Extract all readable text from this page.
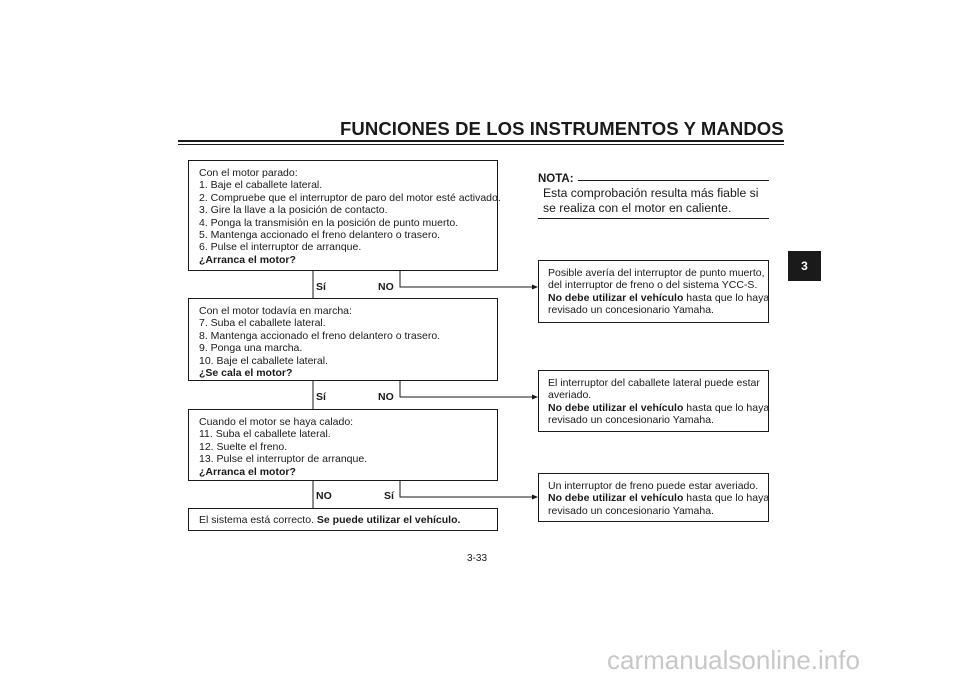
FUNCIONES DE LOS INSTRUMENTOS Y MANDOS
3
Con el motor parado:
1. Baje el caballete lateral.
2. Compruebe que el interruptor de paro del motor esté activado.
3. Gire la llave a la posición de contacto.
4. Ponga la transmisión en la posición de punto muerto.
5. Mantenga accionado el freno delantero o trasero.
6. Pulse el interruptor de arranque.
¿Arranca el motor?
Sí	NO
Con el motor todavía en marcha:
7. Suba el caballete lateral.
8. Mantenga accionado el freno delantero o trasero.
9. Ponga una marcha.
10. Baje el caballete lateral.
¿Se cala el motor?
Sí	NO
Cuando el motor se haya calado:
11. Suba el caballete lateral.
12. Suelte el freno.
13. Pulse el interruptor de arranque.
¿Arranca el motor?
NO	Sí
El sistema está correcto. Se puede utilizar el vehículo.
NOTA:
Esta comprobación resulta más fiable si se realiza con el motor en caliente.
Posible avería del interruptor de punto muerto,
del interruptor de freno o del sistema YCC-S.
No debe utilizar el vehículo hasta que lo haya
revisado un concesionario Yamaha.
El interruptor del caballete lateral puede estar
averiado.
No debe utilizar el vehículo hasta que lo haya
revisado un concesionario Yamaha.
Un interruptor de freno puede estar averiado.
No debe utilizar el vehículo hasta que lo haya
revisado un concesionario Yamaha.
3-33
carmanualsonline.info
